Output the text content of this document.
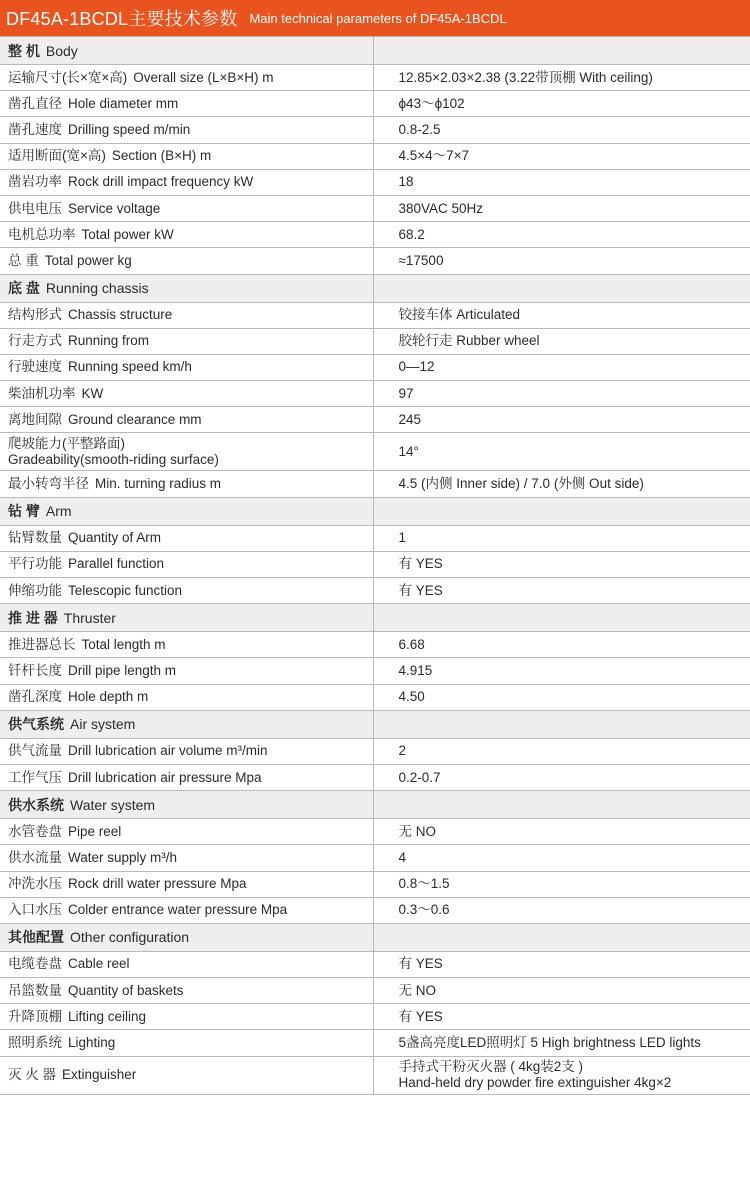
DF45A-1BCDL主要技术参数 Main technical parameters of DF45A-1BCDL
整 机 Body	
运输尺寸(长×宽×高) Overall size (L×B×H) m	12.85×2.03×2.38 (3.22带顶棚 With ceiling)
凿孔直径 Hole diameter mm	ϕ43～ϕ102
凿孔速度 Drilling speed m/min	0.8-2.5
适用断面(宽×高) Section (B×H) m	4.5×4～7×7
凿岩功率 Rock drill impact frequency kW	18
供电电压 Service voltage	380VAC 50Hz
电机总功率 Total power kW	68.2
总 重 Total power kg	≈17500
底 盘 Running chassis	
结构形式 Chassis structure	铰接车体 Articulated
行走方式 Running from	胶轮行走 Rubber wheel
行驶速度 Running speed km/h	0—12
柴油机功率 KW	97
离地间隙 Ground clearance mm	245

爬坡能力(平整路面)
Gradeability(smooth-riding surface)	14°
最小转弯半径 Min. turning radius m	4.5 (内侧 Inner side) / 7.0 (外侧 Out side)
钻 臂 Arm	
钻臂数量 Quantity of Arm	1
平行功能 Parallel function	有 YES
伸缩功能 Telescopic function	有 YES
推 进 器 Thruster	
推进器总长 Total length m	6.68
钎杆长度 Drill pipe length m	4.915
凿孔深度 Hole depth m	4.50
供气系统 Air system	
供气流量 Drill lubrication air volume m³/min	2
工作气压 Drill lubrication air pressure Mpa	0.2-0.7
供水系统 Water system	
水管卷盘 Pipe reel	无 NO
供水流量 Water supply m³/h	4
冲洗水压 Rock drill water pressure Mpa	0.8～1.5
入口水压 Colder entrance water pressure Mpa	0.3～0.6
其他配置 Other configuration	
电缆卷盘 Cable reel	有 YES
吊篮数量 Quantity of baskets	无 NO
升降顶棚 Lifting ceiling	有 YES
照明系统 Lighting	5盏高亮度LED照明灯 5 High brightness LED lights
灭 火 器 Extinguisher	手持式干粉灭火器 ( 4kg装2支 )
Hand-held dry powder fire extinguisher 4kg×2
